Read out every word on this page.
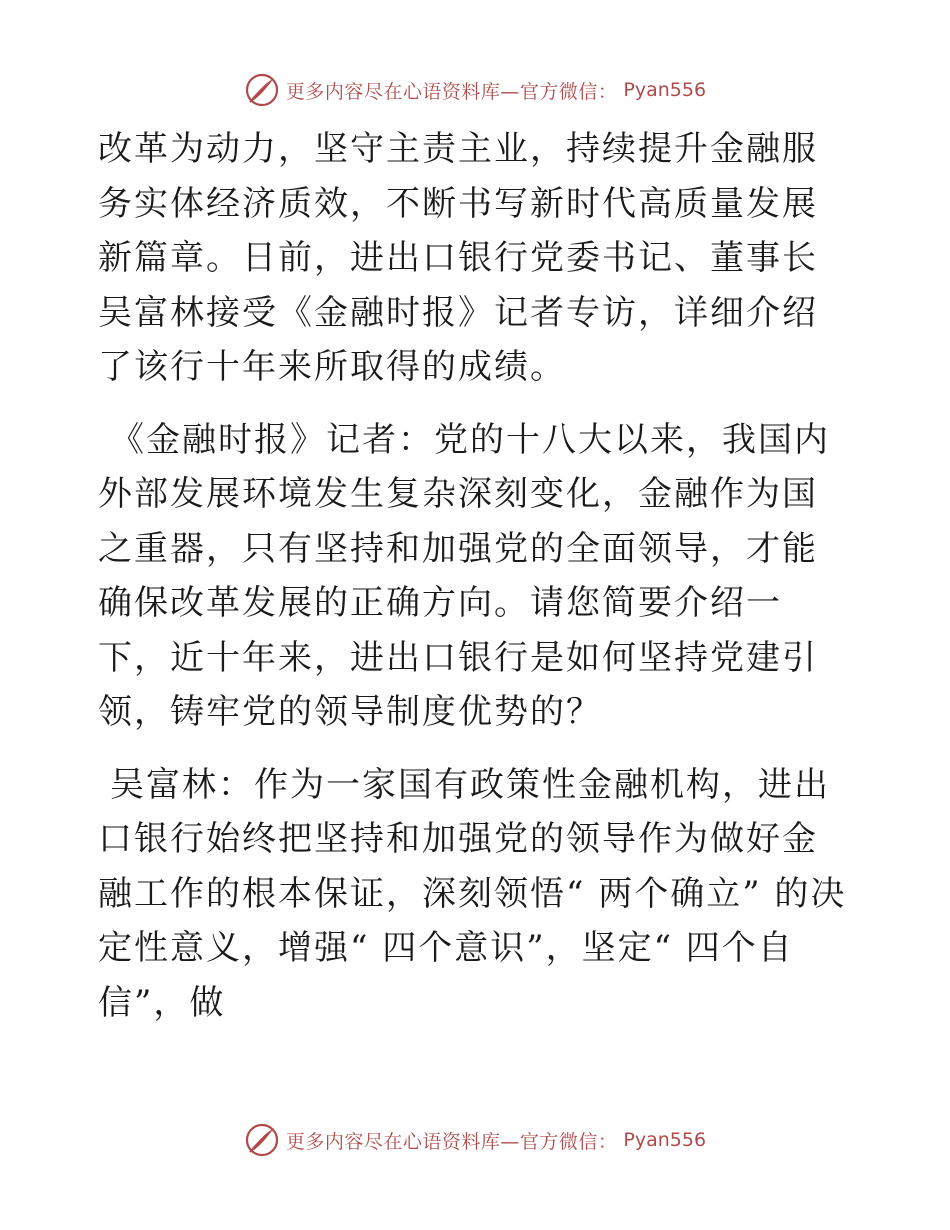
更多内容尽在心语资料库—官方微信： Pyan556

改革为动力，坚守主责主业，持续提升金融服务实体经济质效，不断书写新时代高质量发展新篇章。日前，进出口银行党委书记、董事长吴富林接受《金融时报》记者专访，详细介绍了该行十年来所取得的成绩。

《金融时报》记者：党的十八大以来，我国内外部发展环境发生复杂深刻变化，金融作为国之重器，只有坚持和加强党的全面领导，才能确保改革发展的正确方向。请您简要介绍一下，近十年来，进出口银行是如何坚持党建引领，铸牢党的领导制度优势的？

吴富林：作为一家国有政策性金融机构，进出口银行始终把坚持和加强党的领导作为做好金融工作的根本保证，深刻领悟“ 两个确立” 的决定性意义，增强“ 四个意识”，坚定“ 四个自信”，做

更多内容尽在心语资料库—官方微信： Pyan556
